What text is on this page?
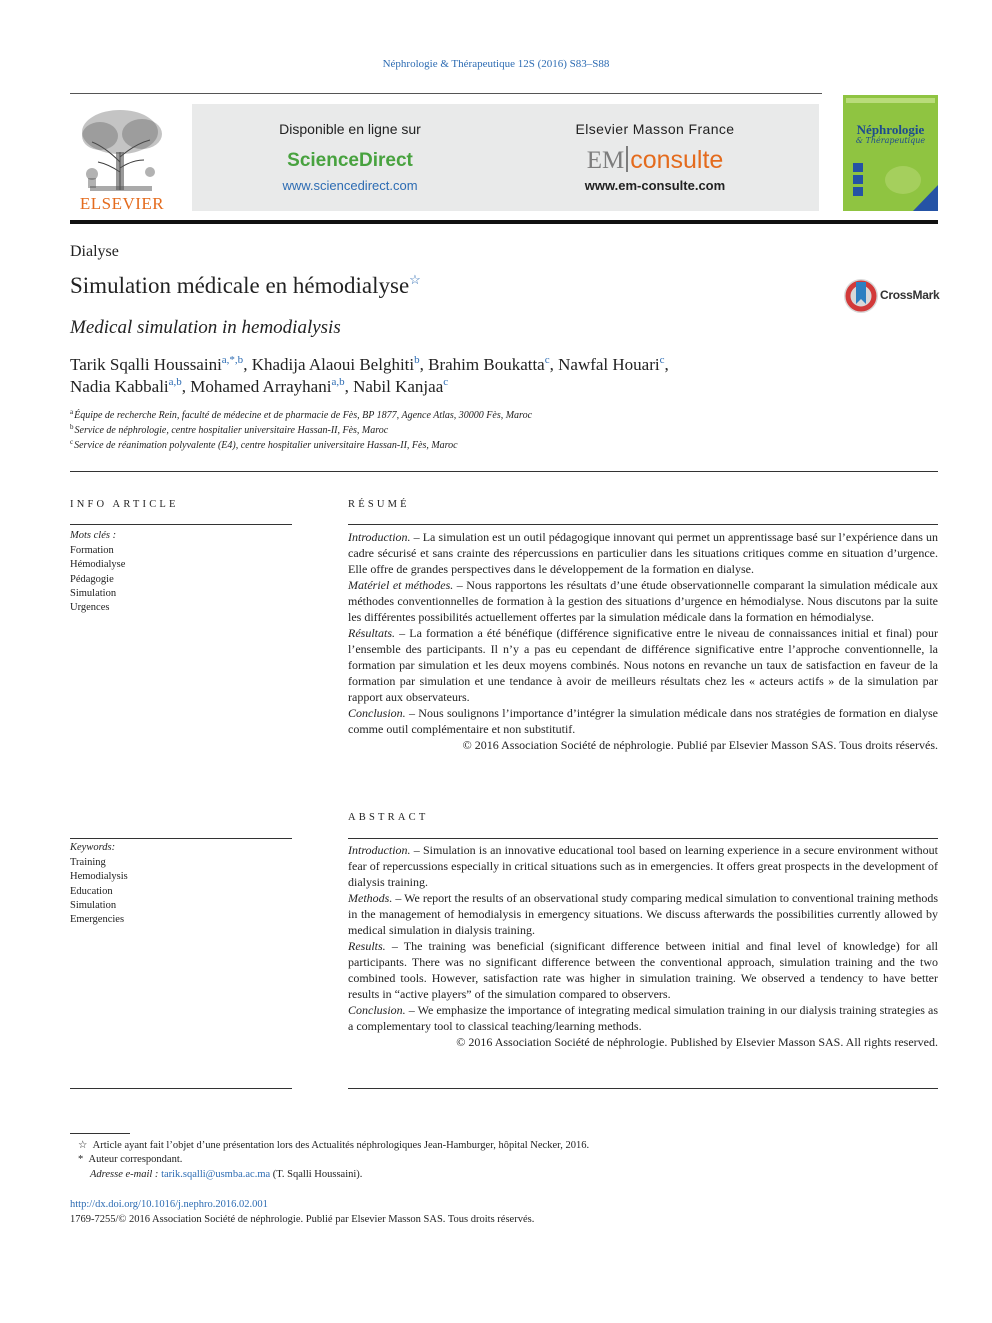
Néphrologie & Thérapeutique 12S (2016) S83–S88
ELSEVIER
Disponible en ligne sur
ScienceDirect
www.sciencedirect.com
Elsevier Masson France
EM consulte
www.em-consulte.com
Néphrologie
& Thérapeutique
Dialyse
Simulation médicale en hémodialyse☆
Medical simulation in hemodialysis
CrossMark
Tarik Sqalli Houssaini$^{a,*,b}$, Khadija Alaoui Belghiti$^b$, Brahim Boukatta$^c$, Nawfal Houari$^c$,
Nadia Kabbali$^{a,b}$, Mohamed Arrayhani$^{a,b}$, Nabil Kanjaa$^c$
$^a$Équipe de recherche Rein, faculté de médecine et de pharmacie de Fès, BP 1877, Agence Atlas, 30000 Fès, Maroc
$^b$Service de néphrologie, centre hospitalier universitaire Hassan-II, Fès, Maroc
$^c$Service de réanimation polyvalente (E4), centre hospitalier universitaire Hassan-II, Fès, Maroc
INFO ARTICLE
Mots clés :
Formation
Hémodialyse
Pédagogie
Simulation
Urgences
Keywords:
Training
Hemodialysis
Education
Simulation
Emergencies
RÉSUMÉ

Introduction. – La simulation est un outil pédagogique innovant qui permet un apprentissage basé sur l’expérience dans un cadre sécurisé et sans crainte des répercussions en particulier dans les situations critiques comme en situation d’urgence. Elle offre de grandes perspectives dans le développement de la formation en dialyse.

Matériel et méthodes. – Nous rapportons les résultats d’une étude observationnelle comparant la simulation médicale aux méthodes conventionnelles de formation à la gestion des situations d’urgence en hémodialyse. Nous discutons par la suite les différentes possibilités actuellement offertes par la simulation médicale dans la formation en hémodialyse.

Résultats. – La formation a été bénéfique (différence significative entre le niveau de connaissances initial et final) pour l’ensemble des participants. Il n’y a pas eu cependant de différence significative entre l’approche conventionnelle, la formation par simulation et les deux moyens combinés. Nous notons en revanche un taux de satisfaction en faveur de la formation par simulation et une tendance à avoir de meilleurs résultats chez les « acteurs actifs » de la simulation par rapport aux observateurs.

Conclusion. – Nous soulignons l’importance d’intégrer la simulation médicale dans nos stratégies de formation en dialyse comme outil complémentaire et non substitutif.

© 2016 Association Société de néphrologie. Publié par Elsevier Masson SAS. Tous droits réservés.

ABSTRACT

Introduction. – Simulation is an innovative educational tool based on learning experience in a secure environment without fear of repercussions especially in critical situations such as in emergencies. It offers great prospects in the development of dialysis training.

Methods. – We report the results of an observational study comparing medical simulation to conventional training methods in the management of hemodialysis in emergency situations. We discuss afterwards the possibilities currently allowed by medical simulation in dialysis training.

Results. – The training was beneficial (significant difference between initial and final level of knowledge) for all participants. There was no significant difference between the conventional approach, simulation training and the two combined tools. However, satisfaction rate was higher in simulation training. We observed a tendency to have better results in “active players” of the simulation compared to observers.

Conclusion. – We emphasize the importance of integrating medical simulation training in our dialysis training strategies as a complementary tool to classical teaching/learning methods.

© 2016 Association Société de néphrologie. Published by Elsevier Masson SAS. All rights reserved.

☆ Article ayant fait l’objet d’une présentation lors des Actualités néphrologiques Jean-Hamburger, hôpital Necker, 2016.
* Auteur correspondant.
Adresse e-mail : tarik.sqalli@usmba.ac.ma (T. Sqalli Houssaini).
http://dx.doi.org/10.1016/j.nephro.2016.02.001
1769-7255/© 2016 Association Société de néphrologie. Publié par Elsevier Masson SAS. Tous droits réservés.
